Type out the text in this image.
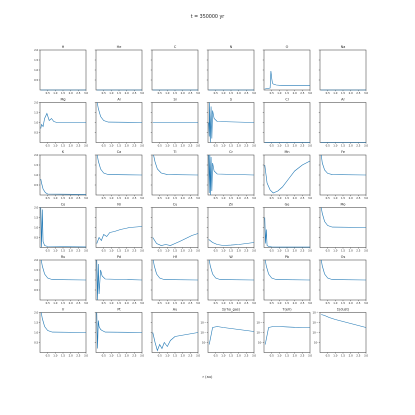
t = 350000 yr
H
0.5
1.0
1.5
2.0
0.5 1.0 1.5 2.0 2.5 3.0
He
0.5 1.0 1.5 2.0 2.5 3.0
C
0.5 1.0 1.5 2.0 2.5 3.0
N
0.5 1.0 1.5 2.0 2.5 3.0
O
0.5 1.0 1.5 2.0 2.5 3.0
Na
0.5 1.0 1.5 2.0 2.5 3.0
Mg
0.5
1.0
1.5
2.0
0.5 1.0 1.5 2.0 2.5 3.0
Al
0.5 1.0 1.5 2.0 2.5 3.0
Si
0.5 1.0 1.5 2.0 2.5 3.0
S
0.5 1.0 1.5 2.0 2.5 3.0
Cl
0.5 1.0 1.5 2.0 2.5 3.0
Ar
0.5 1.0 1.5 2.0 2.5 3.0
K
0.5
1.0
1.5
2.0
0.5 1.0 1.5 2.0 2.5 3.0
Ca
0.5 1.0 1.5 2.0 2.5 3.0
Ti
0.5 1.0 1.5 2.0 2.5 3.0
Cr
0.5 1.0 1.5 2.0 2.5 3.0
Mn
0.5 1.0 1.5 2.0 2.5 3.0
Fe
0.5 1.0 1.5 2.0 2.5 3.0
Co
0.5
1.0
1.5
2.0
0.5 1.0 1.5 2.0 2.5 3.0
Ni
0.5 1.0 1.5 2.0 2.5 3.0
Cu
0.5 1.0 1.5 2.0 2.5 3.0
Zn
0.5 1.0 1.5 2.0 2.5 3.0
Ge
0.5 1.0 1.5 2.0 2.5 3.0
Mo
0.5 1.0 1.5 2.0 2.5 3.0
Ru
0.5
1.0
1.5
2.0
0.5 1.0 1.5 2.0 2.5 3.0
Pd
0.5 1.0 1.5 2.0 2.5 3.0
Hf
0.5 1.0 1.5 2.0 2.5 3.0
W
0.5 1.0 1.5 2.0 2.5 3.0
Pb
0.5 1.0 1.5 2.0 2.5 3.0
Os
0.5 1.0 1.5 2.0 2.5 3.0
Ir
0.5
1.0
1.5
2.0
0.5 1.0 1.5 2.0 2.5 3.0
Pt
0.5 1.0 1.5 2.0 2.5 3.0
Au
0.5 1.0 1.5 2.0 2.5 3.0
Σ(rho_gas)
10⁰
10⁻¹
10⁻²
0.5 1.0 1.5 2.0 2.5 3.0
T(eV)
10⁰
10⁻¹
10⁻²
0.5 1.0 1.5 2.0 2.5 3.0
Σ(dust)
10⁰
10⁻¹
10⁻²
10⁻³
0.5 1.0 1.5 2.0 2.5 3.0
r (au)
